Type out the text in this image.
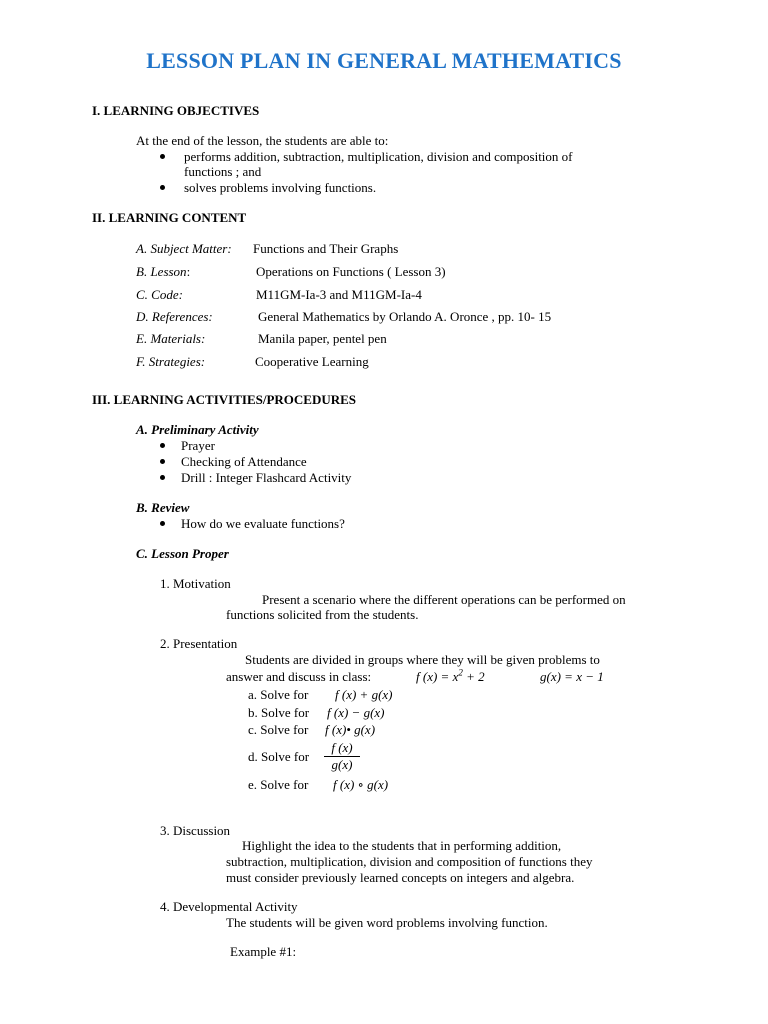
LESSON PLAN IN GENERAL MATHEMATICS
I. LEARNING OBJECTIVES
At the end of the lesson, the students are able to:
performs addition, subtraction, multiplication, division and composition of
functions ; and
solves problems involving functions.
II. LEARNING CONTENT
A. Subject Matter: Functions and Their Graphs
B. Lesson:	Operations on Functions ( Lesson 3)
C. Code:	M11GM-Ia-3 and M11GM-Ia-4
D. References:	General Mathematics by Orlando A. Oronce , pp. 10- 15
E. Materials:	Manila paper, pentel pen
F. Strategies:	Cooperative Learning
III. LEARNING ACTIVITIES/PROCEDURES
A. Preliminary Activity
Prayer
Checking of Attendance
Drill : Integer Flashcard Activity
B. Review
How do we evaluate functions?
C. Lesson Proper
1. Motivation
Present a scenario where the different operations can be performed on
functions solicited from the students.
2. Presentation
Students are divided in groups where they will be given problems to
answer and discuss in class:	f $(x) = x^2 + 2$	g(x) = x − 1
a. Solve for f (x) + g(x)
b. Solve for f (x) − g(x)
c. Solve for f (x)• g(x)
d. Solve for $\frac{f (x)}{g(x)}$
e. Solve for f (x) ∘ g(x)
3. Discussion
Highlight the idea to the students that in performing addition,
subtraction, multiplication, division and composition of functions they
must consider previously learned concepts on integers and algebra.
4. Developmental Activity
The students will be given word problems involving function.
Example #1:
